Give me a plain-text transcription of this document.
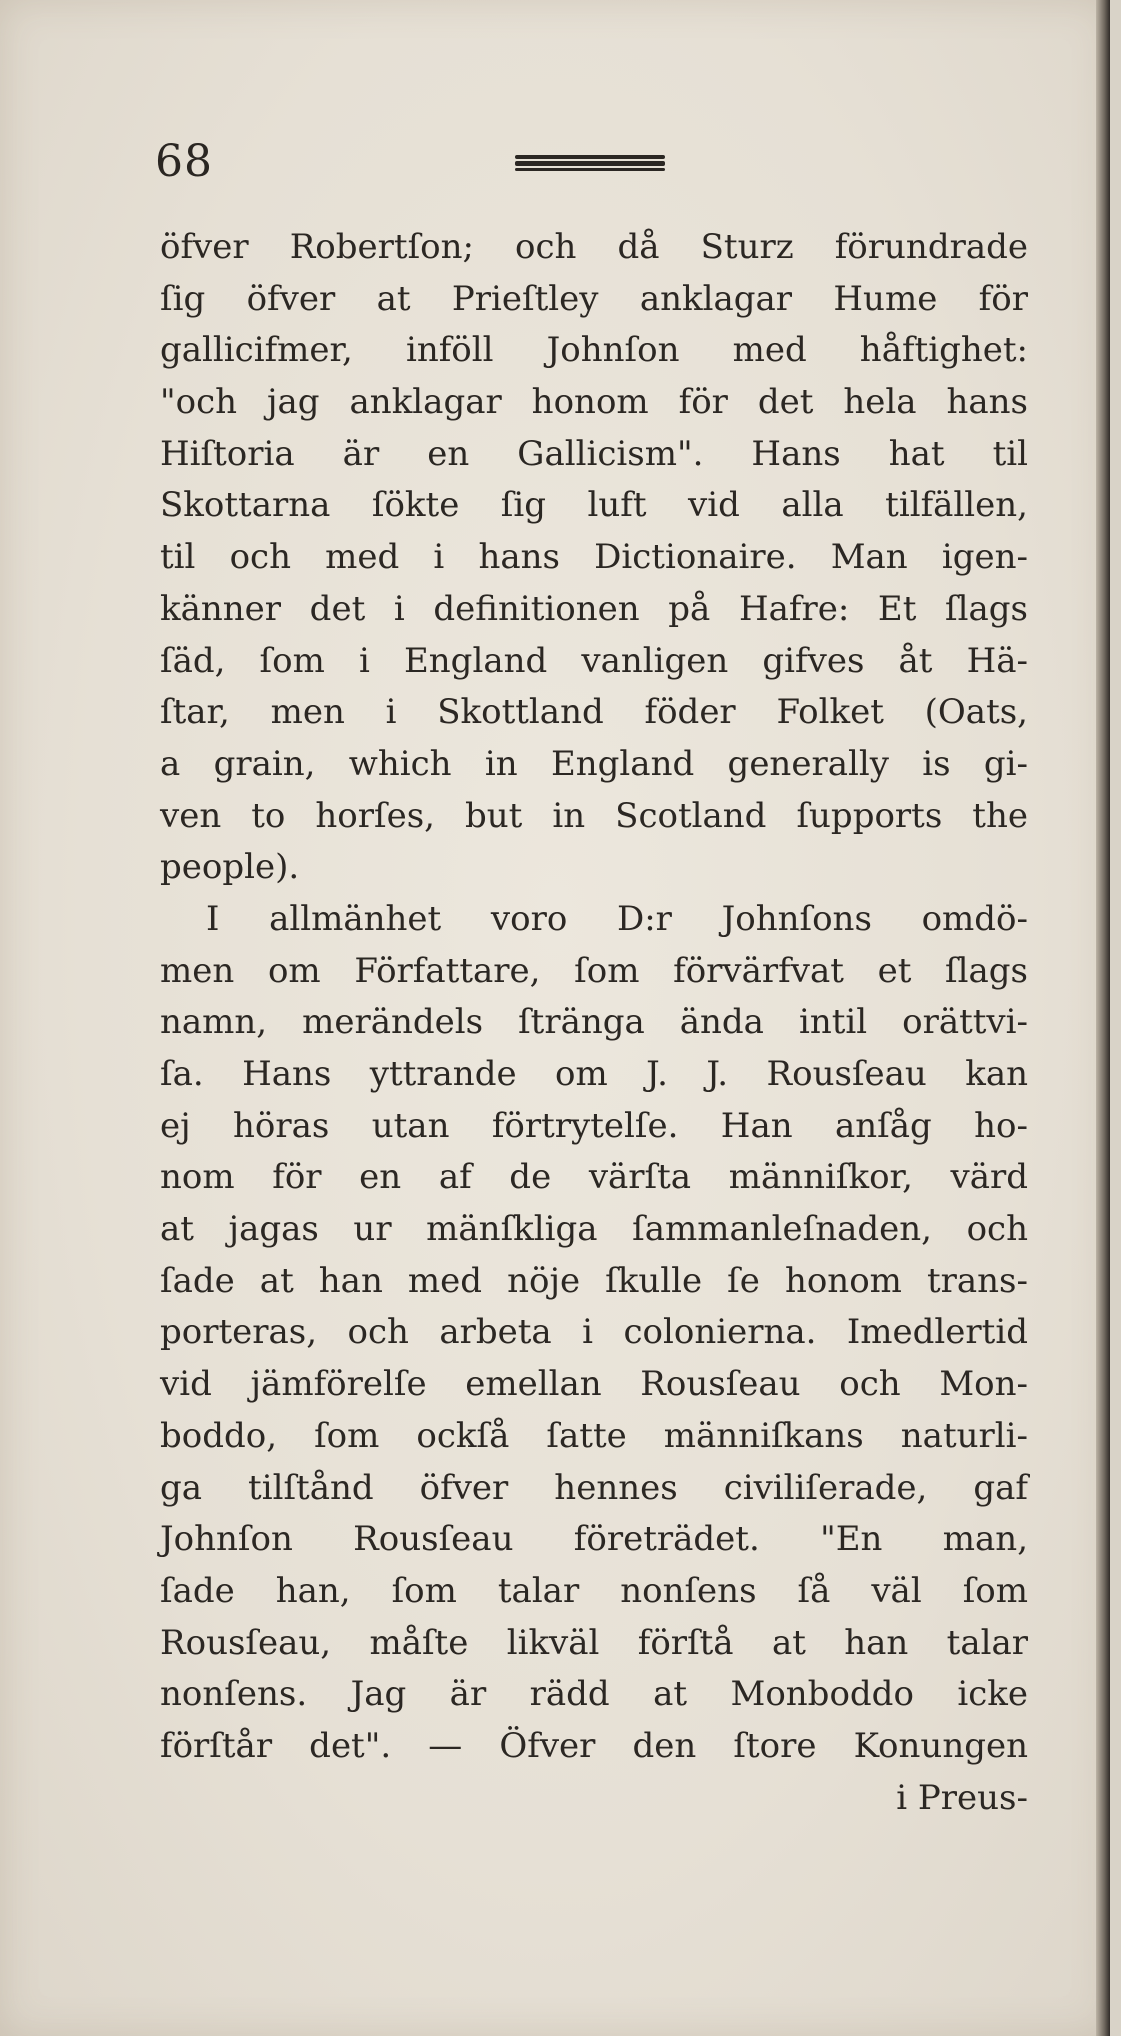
68
öfver Robertſon; och då Sturz förundrade
ſig öfver at Prieſtley anklagar Hume för
gallicifmer, inföll Johnſon med håftighet:
"och jag anklagar honom för det hela hans
Hiſtoria är en Gallicism". Hans hat til
Skottarna ſökte ſig luft vid alla tilfällen,
til och med i hans Dictionaire. Man igen-
känner det i definitionen på Hafre: Et ſlags
ſäd, ſom i England vanligen gifves åt Hä-
ſtar, men i Skottland föder Folket (Oats,
a grain, which in England generally is gi-
ven to horſes, but in Scotland ſupports the
people).
I allmänhet voro D:r Johnſons omdö-
men om Författare, ſom förvärfvat et ſlags
namn, merändels ſtränga ända intil orättvi-
ſa. Hans yttrande om J. J. Rousſeau kan
ej höras utan förtrytelſe. Han anſåg ho-
nom för en af de värſta männiſkor, värd
at jagas ur mänſkliga ſammanleſnaden, och
ſade at han med nöje ſkulle ſe honom trans-
porteras, och arbeta i colonierna. Imedlertid
vid jämförelſe emellan Rousſeau och Mon-
boddo, ſom ockſå ſatte männiſkans naturli-
ga tilſtånd öfver hennes civiliſerade, gaf
Johnſon Rousſeau företrädet. "En man,
ſade han, ſom talar nonſens ſå väl ſom
Rousſeau, måſte likväl förſtå at han talar
nonſens. Jag är rädd at Monboddo icke
förſtår det". — Öfver den ſtore Konungen
i Preus-
